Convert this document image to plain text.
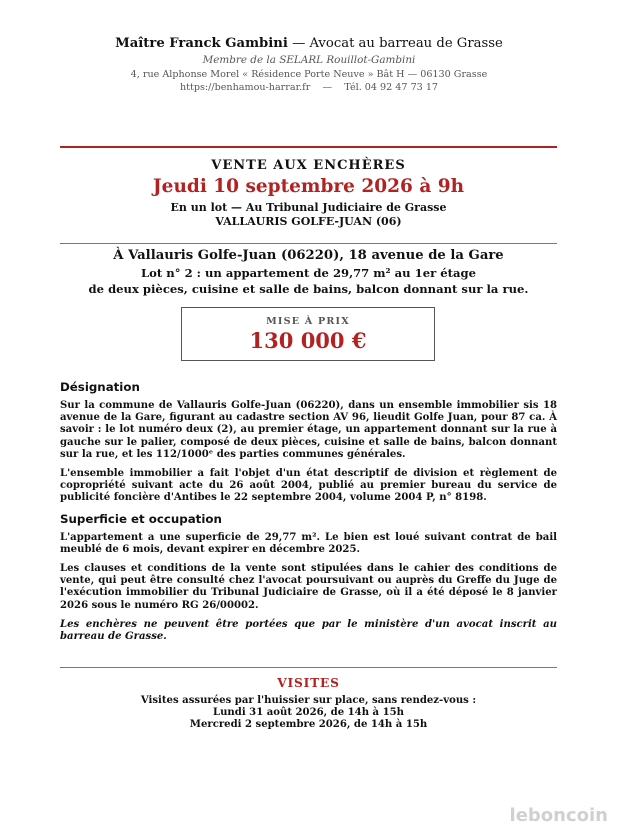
Maître Franck Gambini — Avocat au barreau de Grasse
Membre de la SELARL Rouillot-Gambini
4, rue Alphonse Morel « Résidence Porte Neuve » Bât H — 06130 Grasse
https://benhamou-harrar.fr — Tél. 04 92 47 73 17
VENTE AUX ENCHÈRES
Jeudi 10 septembre 2026 à 9h
En un lot — Au Tribunal Judiciaire de Grasse
VALLAURIS GOLFE-JUAN (06)
À Vallauris Golfe-Juan (06220), 18 avenue de la Gare
Lot n° 2 : un appartement de 29,77 m² au 1er étage
de deux pièces, cuisine et salle de bains, balcon donnant sur la rue.
MISE À PRIX
130 000 €
Désignation

Sur la commune de Vallauris Golfe-Juan (06220), dans un ensemble immobilier sis 18 avenue de la Gare, figurant au cadastre section AV 96, lieudit Golfe Juan, pour 87 ca. À savoir : le lot numéro deux (2), au premier étage, un appartement donnant sur la rue à gauche sur le palier, composé de deux pièces, cuisine et salle de bains, balcon donnant sur la rue, et les 112/1000ᵉ des parties communes générales.

L'ensemble immobilier a fait l'objet d'un état descriptif de division et règlement de copropriété suivant acte du 26 août 2004, publié au premier bureau du service de publicité foncière d'Antibes le 22 septembre 2004, volume 2004 P, n° 8198.

Superficie et occupation

L'appartement a une superficie de 29,77 m². Le bien est loué suivant contrat de bail meublé de 6 mois, devant expirer en décembre 2025.

Les clauses et conditions de la vente sont stipulées dans le cahier des conditions de vente, qui peut être consulté chez l'avocat poursuivant ou auprès du Greffe du Juge de l'exécution immobilier du Tribunal Judiciaire de Grasse, où il a été déposé le 8 janvier 2026 sous le numéro RG 26/00002.

Les enchères ne peuvent être portées que par le ministère d'un avocat inscrit au barreau de Grasse.

VISITES
Visites assurées par l'huissier sur place, sans rendez-vous :
Lundi 31 août 2026, de 14h à 15h
Mercredi 2 septembre 2026, de 14h à 15h
leboncoin
